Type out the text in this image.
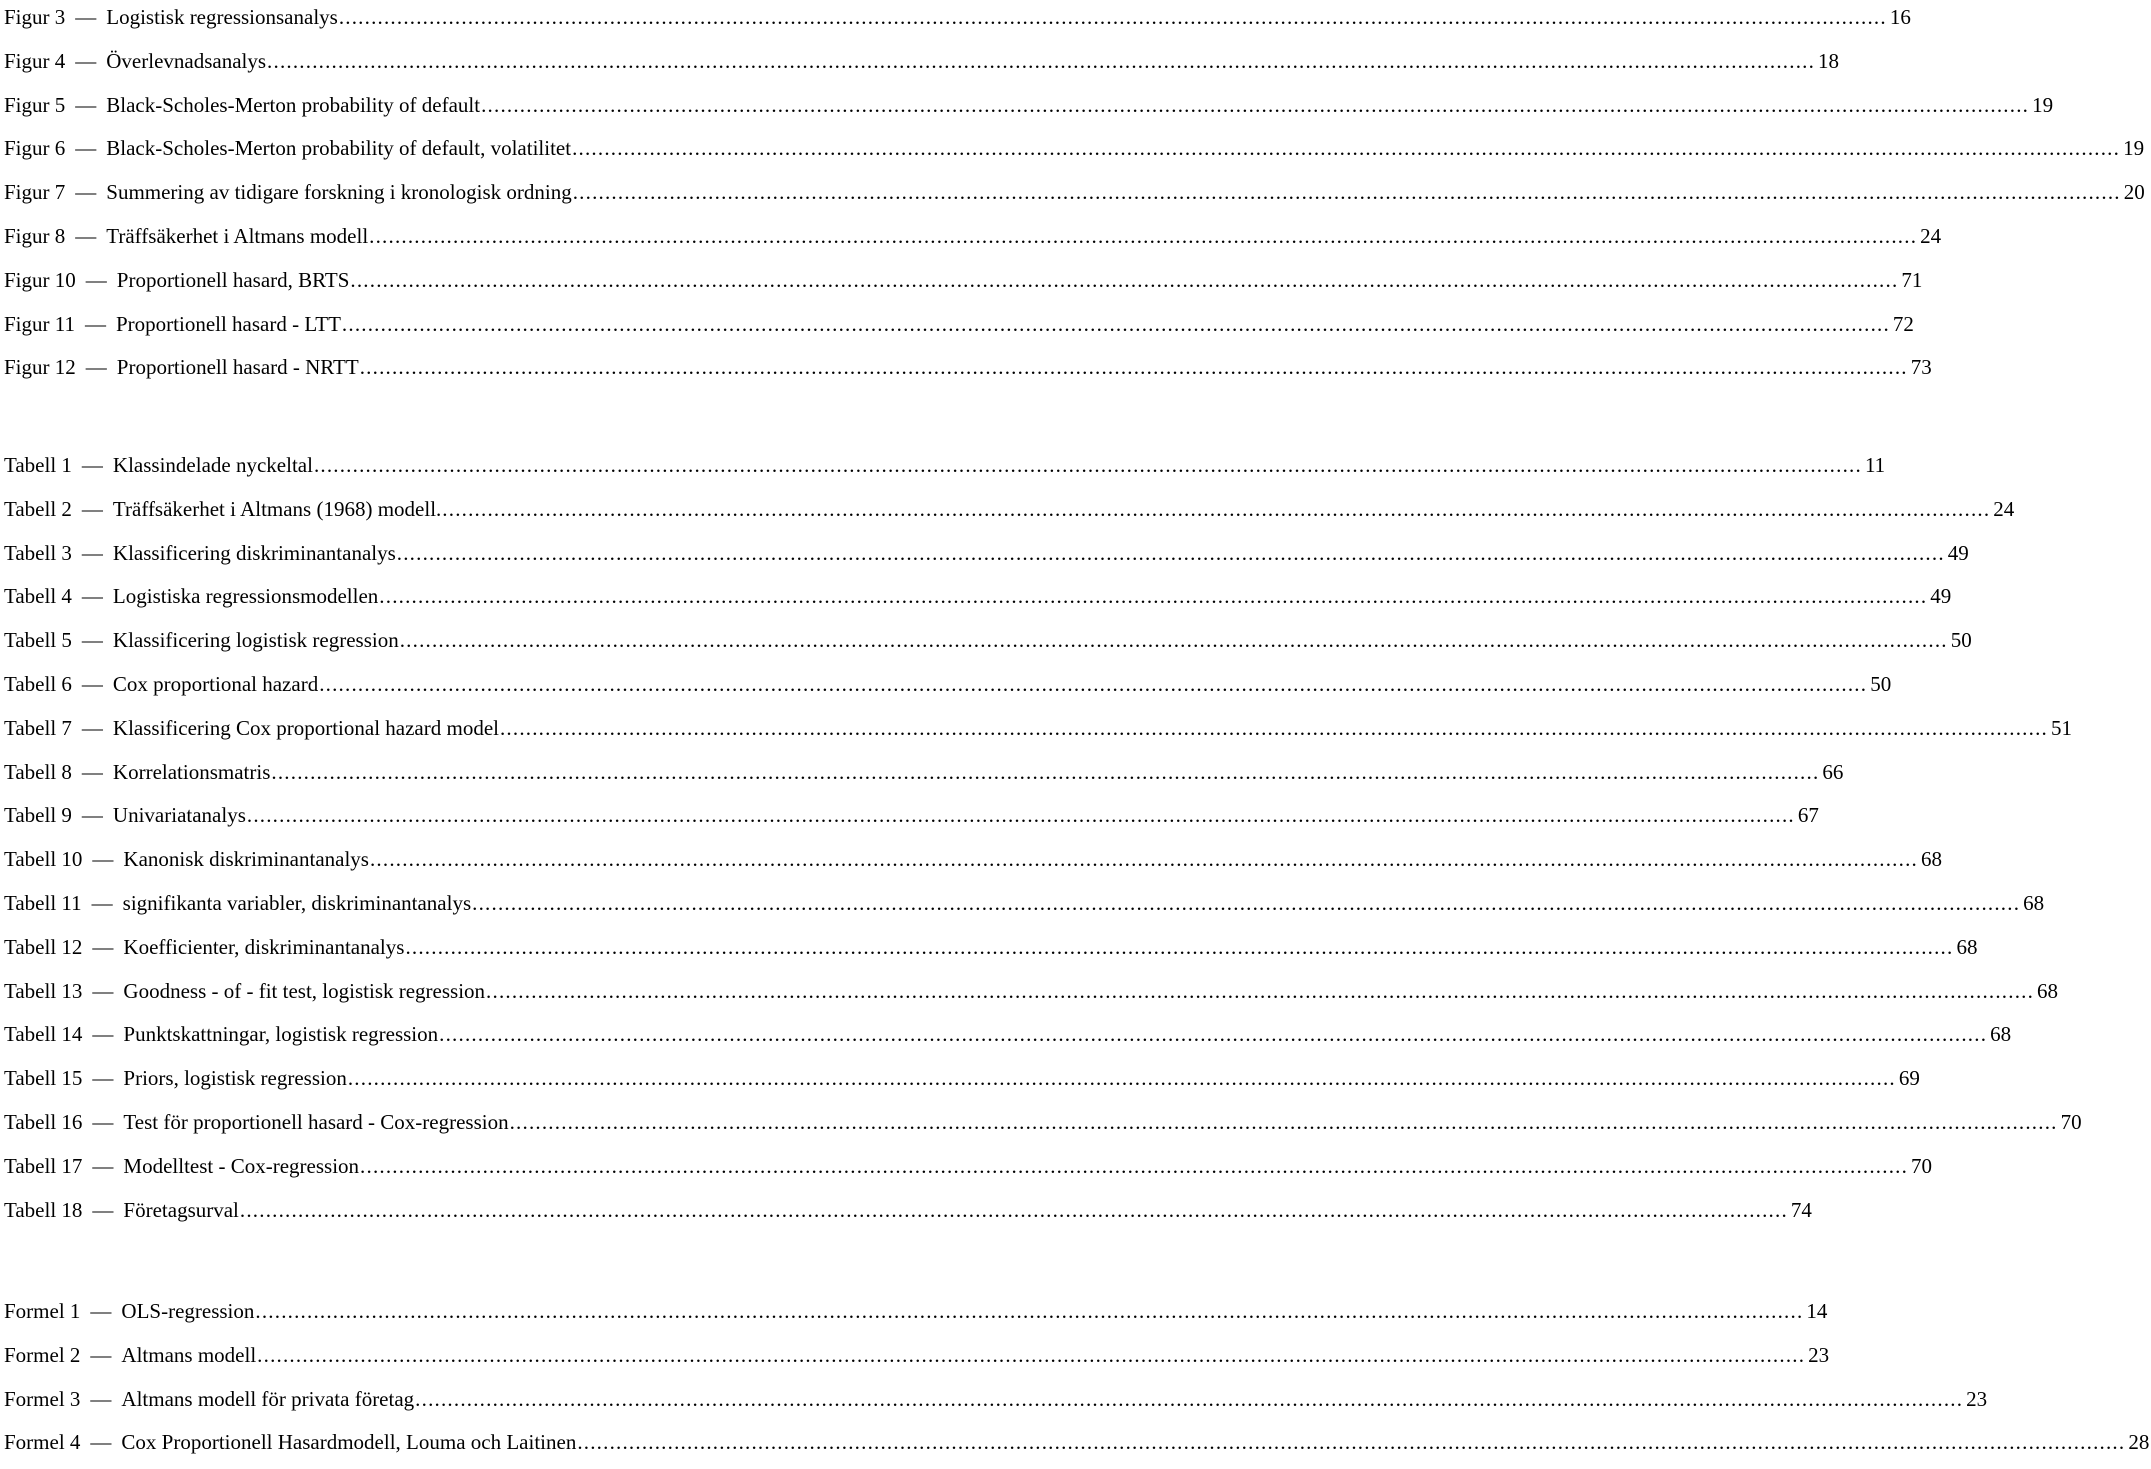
Figur 3 — Logistisk regressionsanalys ................................................................................................................................................................................................................................................ 16
Figur 4 — Överlevnadsanalys ................................................................................................................................................................................................................................................ 18
Figur 5 — Black-Scholes-Merton probability of default ................................................................................................................................................................................................................................................ 19
Figur 6 — Black-Scholes-Merton probability of default, volatilitet ................................................................................................................................................................................................................................................ 19
Figur 7 — Summering av tidigare forskning i kronologisk ordning ................................................................................................................................................................................................................................................ 20
Figur 8 — Träffsäkerhet i Altmans modell ................................................................................................................................................................................................................................................ 24
Figur 10 — Proportionell hasard, BRTS ................................................................................................................................................................................................................................................ 71
Figur 11 — Proportionell hasard - LTT ................................................................................................................................................................................................................................................ 72
Figur 12 — Proportionell hasard - NRTT ................................................................................................................................................................................................................................................ 73
Tabell 1 — Klassindelade nyckeltal ................................................................................................................................................................................................................................................ 11
Tabell 2 — Träffsäkerhet i Altmans (1968) modell. ................................................................................................................................................................................................................................................ 24
Tabell 3 — Klassificering diskriminantanalys ................................................................................................................................................................................................................................................ 49
Tabell 4 — Logistiska regressionsmodellen ................................................................................................................................................................................................................................................ 49
Tabell 5 — Klassificering logistisk regression ................................................................................................................................................................................................................................................ 50
Tabell 6 — Cox proportional hazard ................................................................................................................................................................................................................................................ 50
Tabell 7 — Klassificering Cox proportional hazard model ................................................................................................................................................................................................................................................ 51
Tabell 8 — Korrelationsmatris ................................................................................................................................................................................................................................................ 66
Tabell 9 — Univariatanalys ................................................................................................................................................................................................................................................ 67
Tabell 10 — Kanonisk diskriminantanalys ................................................................................................................................................................................................................................................ 68
Tabell 11 — signifikanta variabler, diskriminantanalys ................................................................................................................................................................................................................................................ 68
Tabell 12 — Koefficienter, diskriminantanalys ................................................................................................................................................................................................................................................ 68
Tabell 13 — Goodness - of - fit test, logistisk regression ................................................................................................................................................................................................................................................ 68
Tabell 14 — Punktskattningar, logistisk regression ................................................................................................................................................................................................................................................ 68
Tabell 15 — Priors, logistisk regression ................................................................................................................................................................................................................................................ 69
Tabell 16 — Test för proportionell hasard - Cox-regression ................................................................................................................................................................................................................................................ 70
Tabell 17 — Modelltest - Cox-regression ................................................................................................................................................................................................................................................ 70
Tabell 18 — Företagsurval ................................................................................................................................................................................................................................................ 74
Formel 1 — OLS-regression ................................................................................................................................................................................................................................................ 14
Formel 2 — Altmans modell ................................................................................................................................................................................................................................................ 23
Formel 3 — Altmans modell för privata företag ................................................................................................................................................................................................................................................ 23
Formel 4 — Cox Proportionell Hasardmodell, Louma och Laitinen ................................................................................................................................................................................................................................................ 28
